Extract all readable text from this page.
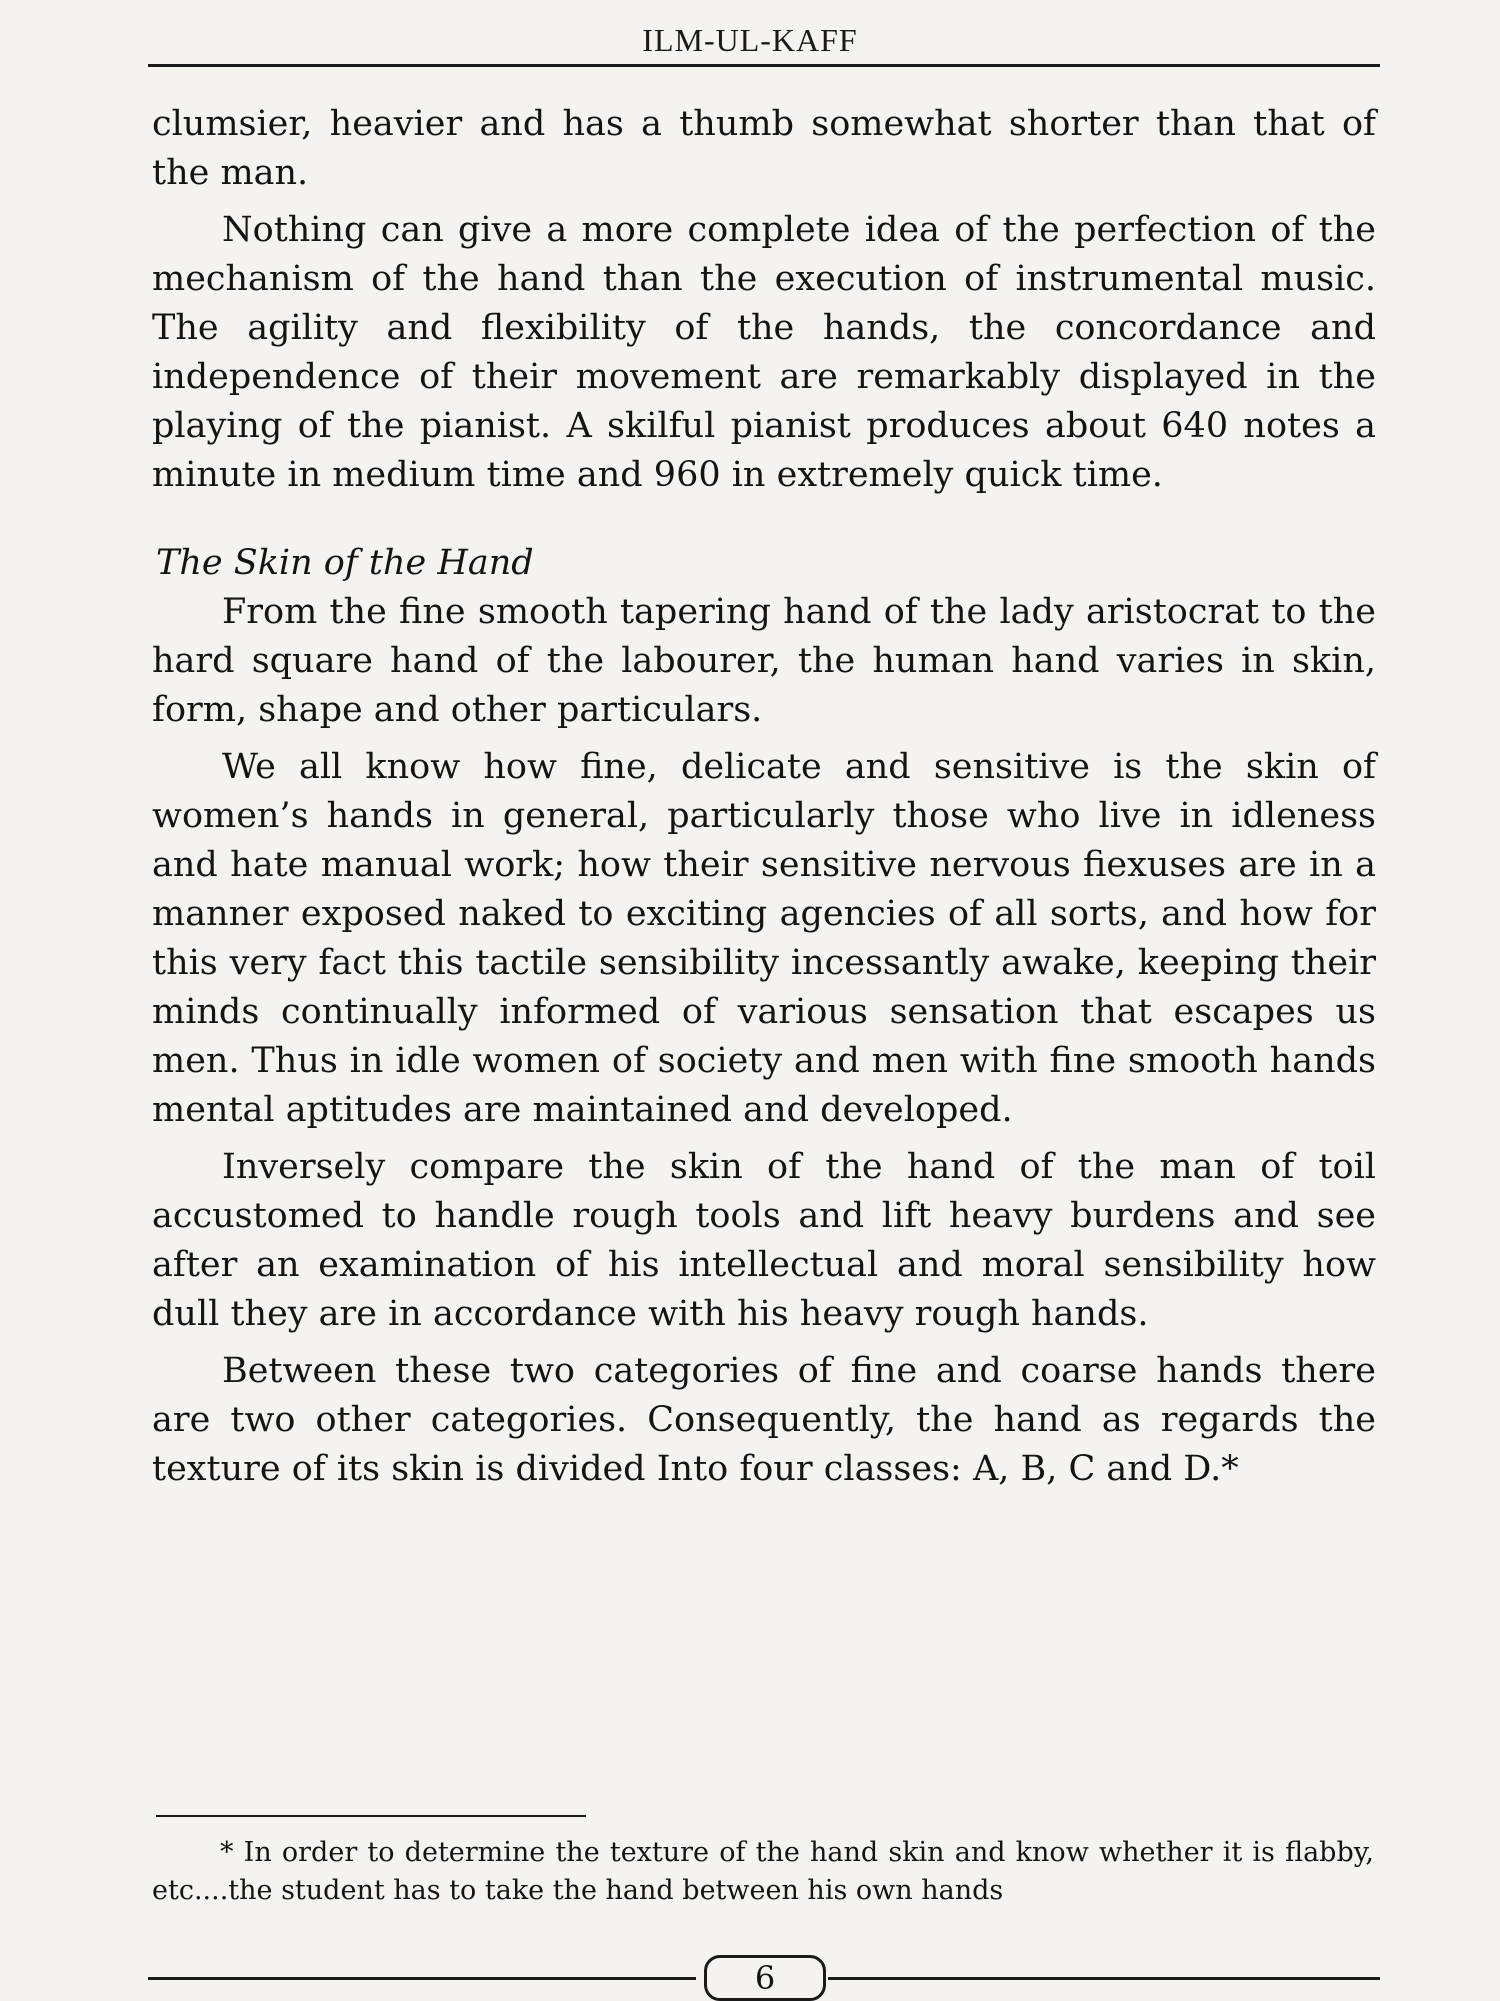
ILM-UL-KAFF

clumsier, heavier and has a thumb somewhat shorter than that of the man.

Nothing can give a more complete idea of the perfection of the mechanism of the hand than the execution of instrumental music. The agility and flexibility of the hands, the concordance and independence of their movement are remarkably displayed in the playing of the pianist. A skilful pianist produces about 640 notes a minute in medium time and 960 in extremely quick time.

The Skin of the Hand

From the fine smooth tapering hand of the lady aristocrat to the hard square hand of the labourer, the human hand varies in skin, form, shape and other particulars.

We all know how fine, delicate and sensitive is the skin of women’s hands in general, particularly those who live in idleness and hate manual work; how their sensitive nervous fiexuses are in a manner exposed naked to exciting agencies of all sorts, and how for this very fact this tactile sensibility incessantly awake, keeping their minds continually informed of various sensation that escapes us men. Thus in idle women of society and men with fine smooth hands mental aptitudes are maintained and developed.

Inversely compare the skin of the hand of the man of toil accustomed to handle rough tools and lift heavy burdens and see after an examination of his intellectual and moral sensibility how dull they are in accordance with his heavy rough hands.

Between these two categories of fine and coarse hands there are two other categories. Consequently, the hand as regards the texture of its skin is divided Into four classes: A, B, C and D.*

* In order to determine the texture of the hand skin and know whether it is flabby, etc....the student has to take the hand between his own hands

6
